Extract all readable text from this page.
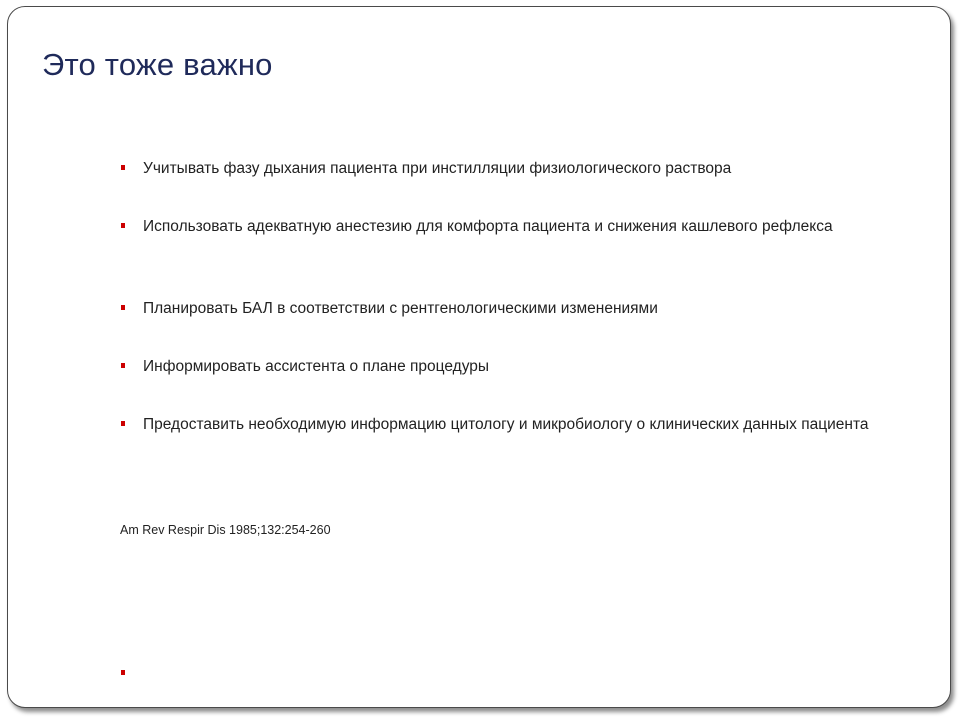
Это тоже важно
Учитывать фазу дыхания пациента при инстилляции физиологического раствора
Использовать адекватную анестезию для комфорта пациента и снижения кашлевого рефлекса
Планировать БАЛ в соответствии с рентгенологическими изменениями
Информировать ассистента о плане процедуры
Предоставить необходимую информацию цитологу и микробиологу о клинических данных пациента
Am Rev Respir Dis 1985;132:254-260
